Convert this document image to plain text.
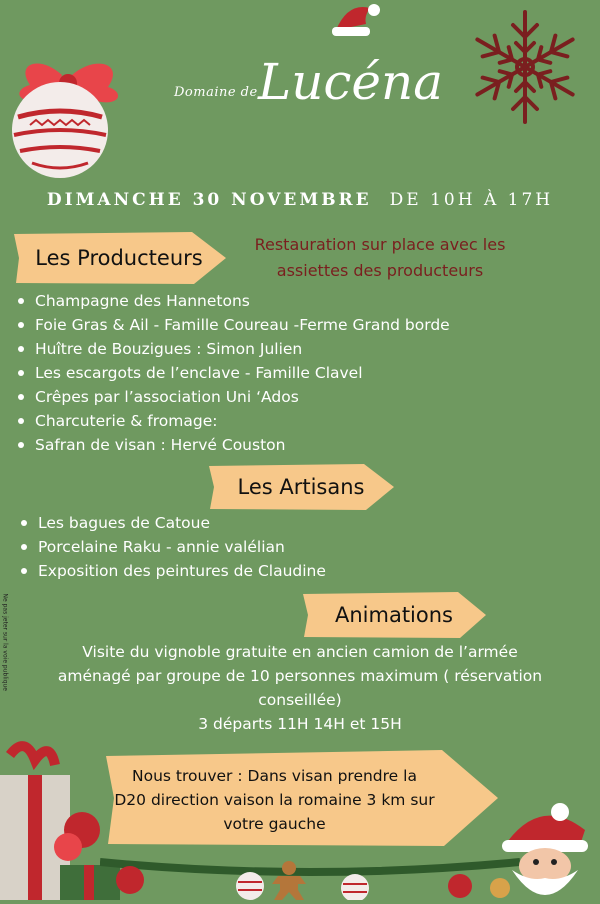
Domaine de Lucéna
DIMANCHE 30 NOVEMBRE DE 10H À 17H
Les Producteurs
Restauration sur place avec les assiettes des producteurs
Champagne des Hannetons
Foie Gras & Ail - Famille Coureau -Ferme Grand borde
Huître de Bouzigues : Simon Julien
Les escargots de l’enclave - Famille Clavel
Crêpes par l’association Uni ‘Ados
Charcuterie & fromage:
Safran de visan : Hervé Couston
Les Artisans
Les bagues de Catoue
Porcelaine Raku - annie valélian
Exposition des peintures de Claudine
Animations
Visite du vignoble gratuite en ancien camion de l’armée
aménagé par groupe de 10 personnes maximum ( réservation
conseillée)
3 départs 11H 14H et 15H
Ne pas jeter sur la voie publique
Nous trouver : Dans visan prendre la
D20 direction vaison la romaine 3 km sur
votre gauche
